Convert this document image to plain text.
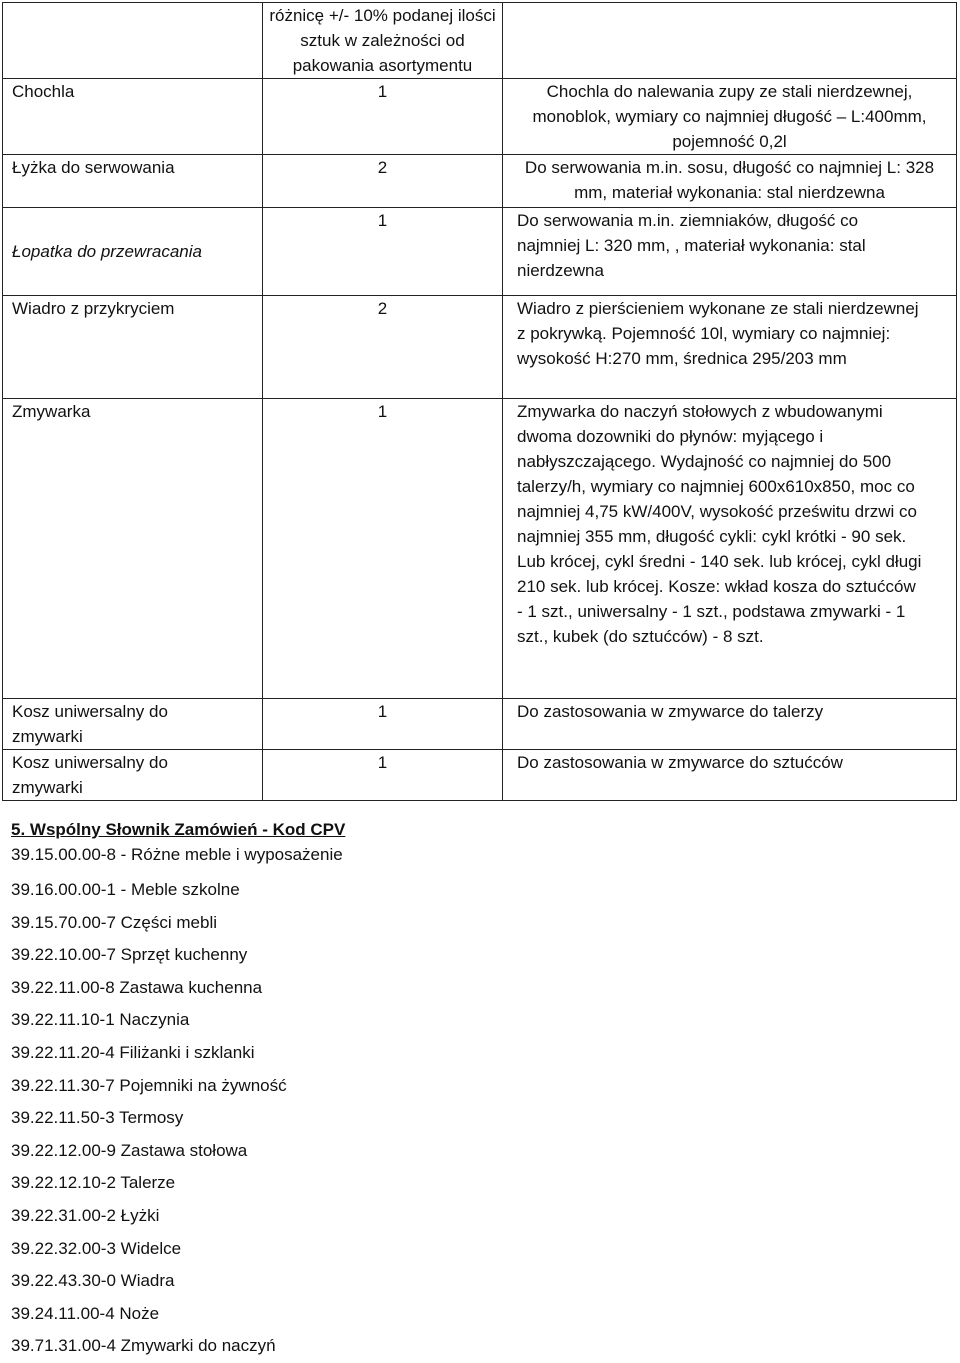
	różnicę +/- 10% podanej ilości sztuk w zależności od pakowania asortymentu	

Chochla	1	Chochla do nalewania zupy ze stali nierdzewnej, monoblok, wymiary co najmniej długość – L:400mm, pojemność 0,2l
Łyżka do serwowania	2	Do serwowania m.in. sosu, długość co najmniej L: 328 mm, materiał wykonania: stal nierdzewna
Łopatka do przewracania	1	Do serwowania m.in. ziemniaków, długość co najmniej L: 320 mm, , materiał wykonania: stal nierdzewna
Wiadro z przykryciem	2	Wiadro z pierścieniem wykonane ze stali nierdzewnej z pokrywką. Pojemność 10l, wymiary co najmniej: wysokość H:270 mm, średnica 295/203 mm
Zmywarka	1	Zmywarka do naczyń stołowych z wbudowanymi dwoma dozowniki do płynów: myjącego i nabłyszczającego. Wydajność co najmniej do 500 talerzy/h, wymiary co najmniej 600x610x850, moc co najmniej 4,75 kW/400V, wysokość prześwitu drzwi co najmniej 355 mm, długość cykli: cykl krótki - 90 sek. Lub krócej, cykl średni - 140 sek. lub krócej, cykl długi 210 sek. lub krócej. Kosze: wkład kosza do sztućców - 1 szt., uniwersalny - 1 szt., podstawa zmywarki - 1 szt., kubek (do sztućców) - 8 szt.
Kosz uniwersalny do zmywarki	1	Do zastosowania w zmywarce do talerzy
Kosz uniwersalny do zmywarki	1	Do zastosowania w zmywarce do sztućców

5. Wspólny Słownik Zamówień - Kod CPV

39.15.00.00-8 - Różne meble i wyposażenie
39.16.00.00-1 - Meble szkolne
39.15.70.00-7 Części mebli
39.22.10.00-7 Sprzęt kuchenny
39.22.11.00-8 Zastawa kuchenna
39.22.11.10-1 Naczynia
39.22.11.20-4 Filiżanki i szklanki
39.22.11.30-7 Pojemniki na żywność
39.22.11.50-3 Termosy
39.22.12.00-9 Zastawa stołowa
39.22.12.10-2 Talerze
39.22.31.00-2 Łyżki
39.22.32.00-3 Widelce
39.22.43.30-0 Wiadra
39.24.11.00-4 Noże
39.71.31.00-4 Zmywarki do naczyń
